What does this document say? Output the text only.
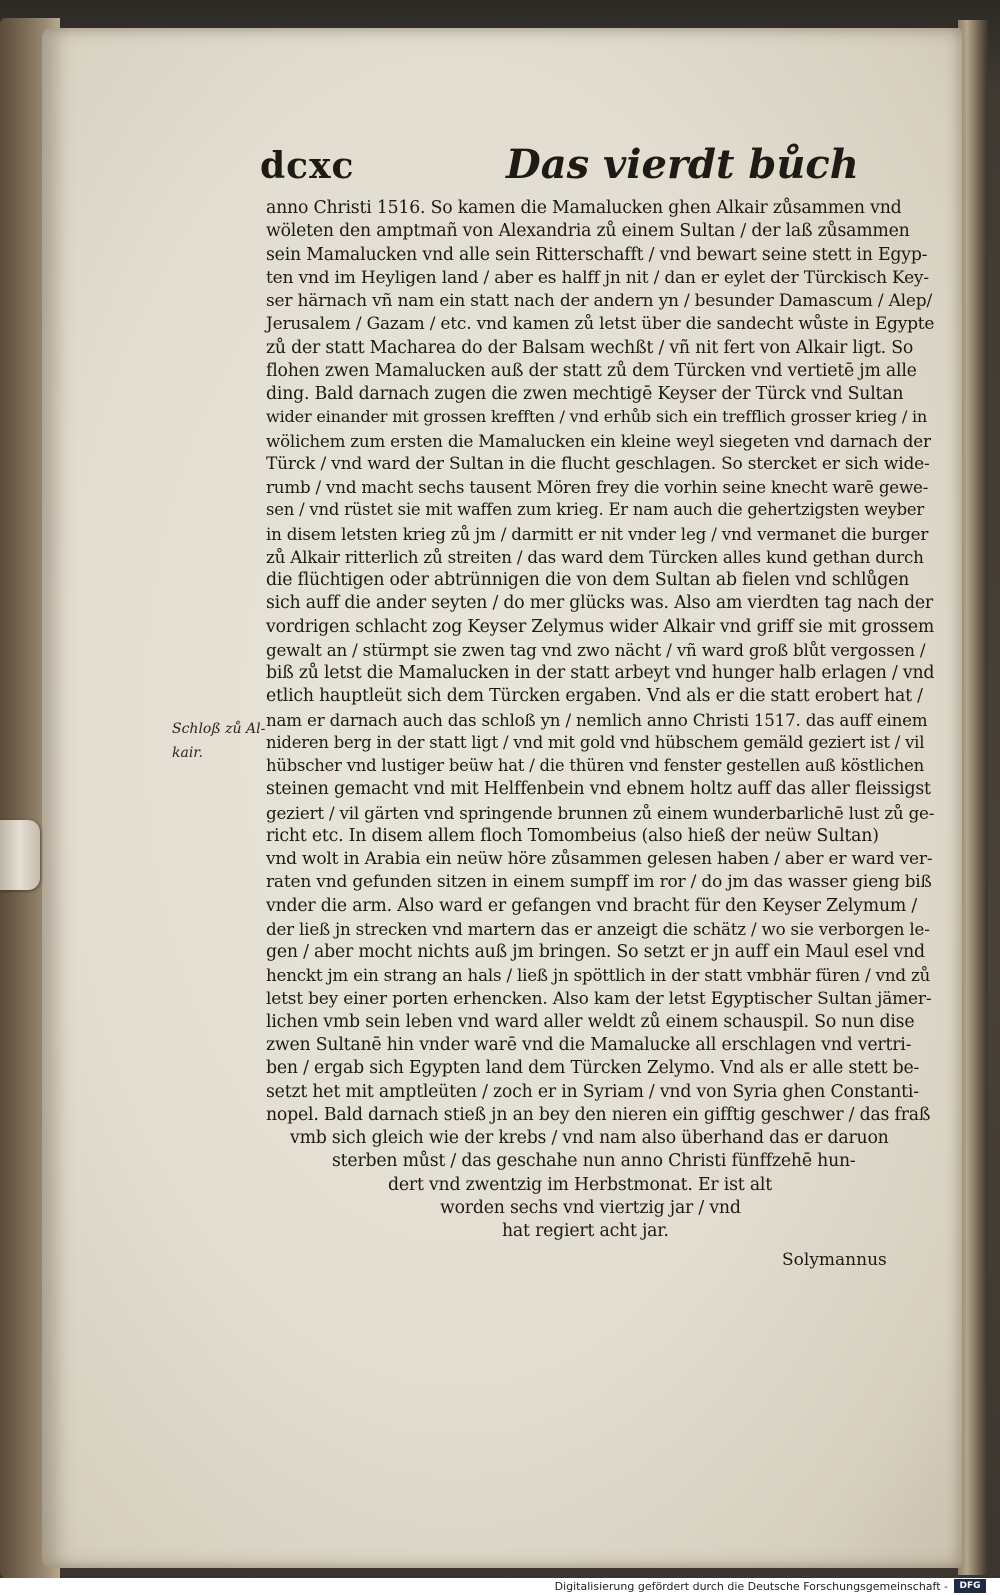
dcxc	Das vierdt bůch
Schloß zů Al-
kair.
anno Christi 1516. So kamen die Mamalucken ghen Alkair zůsammen vnd
wöleten den amptmañ von Alexandria zů einem Sultan / der laß zůsammen
sein Mamalucken vnd alle sein Ritterschafft / vnd bewart seine stett in Egyp-
ten vnd im Heyligen land / aber es halff jn nit / dan er eylet der Türckisch Key-
ser härnach vñ nam ein statt nach der andern yn / besunder Damascum / Alep/
Jerusalem / Gazam / etc. vnd kamen zů letst über die sandecht wůste in Egypte
zů der statt Macharea do der Balsam wechßt / vñ nit fert von Alkair ligt. So
flohen zwen Mamalucken auß der statt zů dem Türcken vnd vertietē jm alle
ding. Bald darnach zugen die zwen mechtigē Keyser der Türck vnd Sultan
wider einander mit grossen krefften / vnd erhůb sich ein trefflich grosser krieg / in
wölichem zum ersten die Mamalucken ein kleine weyl siegeten vnd darnach der
Türck / vnd ward der Sultan in die flucht geschlagen. So stercket er sich wide-
rumb / vnd macht sechs tausent Mören frey die vorhin seine knecht warē gewe-
sen / vnd rüstet sie mit waffen zum krieg. Er nam auch die gehertzigsten weyber
in disem letsten krieg zů jm / darmitt er nit vnder leg / vnd vermanet die burger
zů Alkair ritterlich zů streiten / das ward dem Türcken alles kund gethan durch
die flüchtigen oder abtrünnigen die von dem Sultan ab fielen vnd schlůgen
sich auff die ander seyten / do mer glücks was. Also am vierdten tag nach der
vordrigen schlacht zog Keyser Zelymus wider Alkair vnd griff sie mit grossem
gewalt an / stürmpt sie zwen tag vnd zwo nächt / vñ ward groß blůt vergossen /
biß zů letst die Mamalucken in der statt arbeyt vnd hunger halb erlagen / vnd
etlich hauptleüt sich dem Türcken ergaben. Vnd als er die statt erobert hat /
nam er darnach auch das schloß yn / nemlich anno Christi 1517. das auff einem
nideren berg in der statt ligt / vnd mit gold vnd hübschem gemäld geziert ist / vil
hübscher vnd lustiger beüw hat / die thüren vnd fenster gestellen auß köstlichen
steinen gemacht vnd mit Helffenbein vnd ebnem holtz auff das aller fleissigst
geziert / vil gärten vnd springende brunnen zů einem wunderbarlichē lust zů ge-
richt etc. In disem allem floch Tomombeius (also hieß der neüw Sultan)
vnd wolt in Arabia ein neüw höre zůsammen gelesen haben / aber er ward ver-
raten vnd gefunden sitzen in einem sumpff im ror / do jm das wasser gieng biß
vnder die arm. Also ward er gefangen vnd bracht für den Keyser Zelymum /
der ließ jn strecken vnd martern das er anzeigt die schätz / wo sie verborgen le-
gen / aber mocht nichts auß jm bringen. So setzt er jn auff ein Maul esel vnd
henckt jm ein strang an hals / ließ jn spöttlich in der statt vmbhär füren / vnd zů
letst bey einer porten erhencken. Also kam der letst Egyptischer Sultan jämer-
lichen vmb sein leben vnd ward aller weldt zů einem schauspil. So nun dise
zwen Sultanē hin vnder warē vnd die Mamalucke all erschlagen vnd vertri-
ben / ergab sich Egypten land dem Türcken Zelymo. Vnd als er alle stett be-
setzt het mit amptleüten / zoch er in Syriam / vnd von Syria ghen Constanti-
nopel. Bald darnach stieß jn an bey den nieren ein gifftig geschwer / das fraß
vmb sich gleich wie der krebs / vnd nam also überhand das er daruon
sterben můst / das geschahe nun anno Christi fünffzehē hun-
dert vnd zwentzig im Herbstmonat. Er ist alt
worden sechs vnd viertzig jar / vnd
hat regiert acht jar.
Solymannus
Digitalisierung gefördert durch die Deutsche Forschungsgemeinschaft -	DFG
